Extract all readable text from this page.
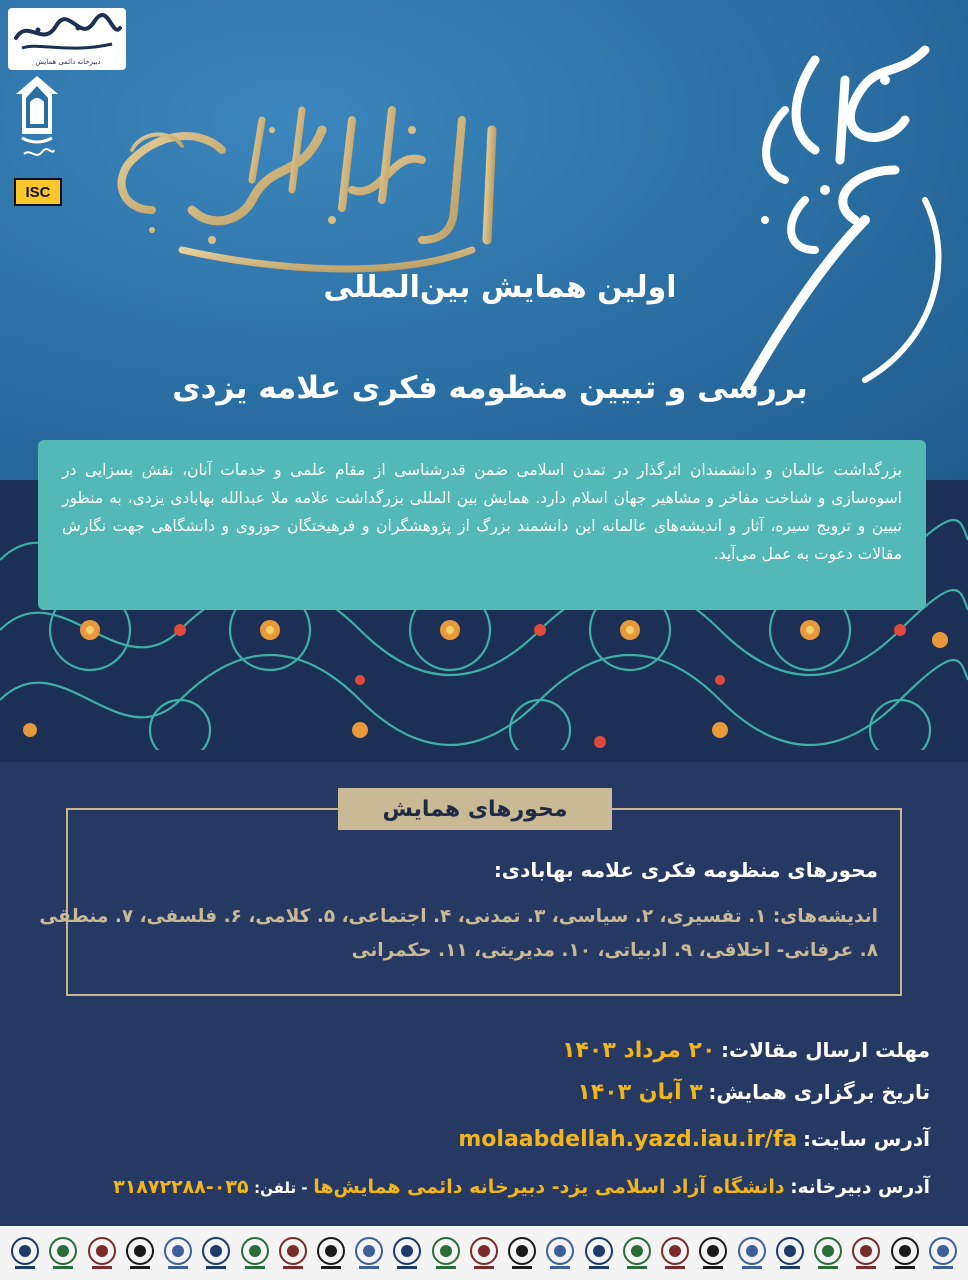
دبیرخانه دائمی همایش
ISC
اولین همایش بین‌المللی
بررسی و تبیین منظومه فکری علامه یزدی

بزرگداشت عالمان و دانشمندان اثرگذار در تمدن اسلامی ضمن قدرشناسی از مقام علمی و خدمات آنان، نقش بسزایی در اسوه‌سازی و شناخت مفاخر و مشاهیر جهان اسلام دارد. همایش بین المللی بزرگداشت علامه ملا عبدالله بهابادی یزدی، به منظور تبیین و ترویج سیره، آثار و اندیشه‌های عالمانه این دانشمند بزرگ از پژوهشگران و فرهیختگان حوزوی و دانشگاهی جهت نگارش مقالات دعوت به عمل می‌آید.

محورهای همایش
محورهای منظومه فکری علامه بهابادی:
اندیشه‌های: ۱. تفسیری، ۲. سیاسی، ۳. تمدنی، ۴. اجتماعی، ۵. کلامی، ۶. فلسفی، ۷. منطقی
۸. عرفانی- اخلاقی، ۹. ادبیاتی، ۱۰. مدیریتی، ۱۱. حکمرانی
مهلت ارسال مقالات: ۲۰ مرداد ۱۴۰۳
تاریخ برگزاری همایش: ۳ آبان ۱۴۰۳
آدرس سایت: molaabdellah.yazd.iau.ir/fa
آدرس دبیرخانه: دانشگاه آزاد اسلامی یزد- دبیرخانه دائمی همایش‌ها - تلفن: ۰۳۵-۳۱۸۷۲۲۸۸
